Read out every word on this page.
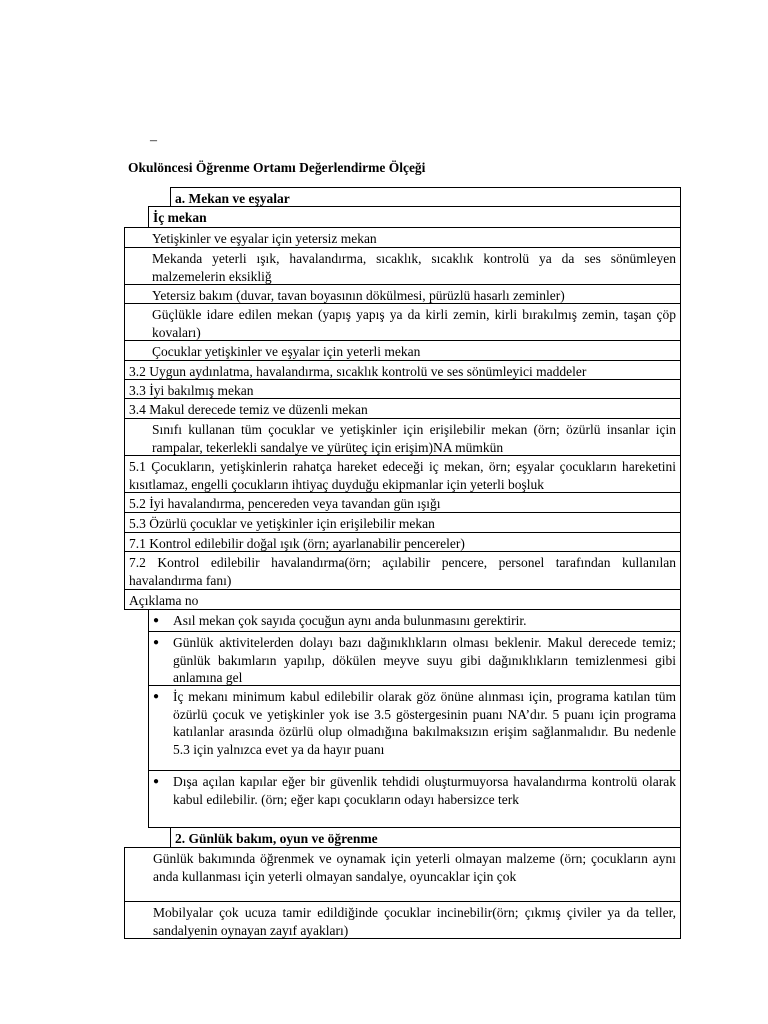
–
Okulöncesi Öğrenme Ortamı Değerlendirme Ölçeği
a. Mekan ve eşyalar
İç mekan
Yetişkinler ve eşyalar için yetersiz mekan
Mekanda yeterli ışık, havalandırma, sıcaklık, sıcaklık kontrolü ya da ses sönümleyen malzemelerin eksikliğ
Yetersiz bakım (duvar, tavan boyasının dökülmesi, pürüzlü hasarlı zeminler)
Güçlükle idare edilen mekan (yapış yapış ya da kirli zemin, kirli bırakılmış zemin, taşan çöp kovaları)
Çocuklar yetişkinler ve eşyalar için yeterli mekan
3.2 Uygun aydınlatma, havalandırma, sıcaklık kontrolü ve ses sönümleyici maddeler
3.3 İyi bakılmış mekan
3.4 Makul derecede temiz ve düzenli mekan
Sınıfı kullanan tüm çocuklar ve yetişkinler için erişilebilir mekan (örn; özürlü insanlar için rampalar, tekerlekli sandalye ve yürüteç için erişim)NA mümkün
5.1 Çocukların, yetişkinlerin rahatça hareket edeceği iç mekan, örn; eşyalar çocukların hareketini kısıtlamaz, engelli çocukların ihtiyaç duyduğu ekipmanlar için yeterli boşluk
5.2 İyi havalandırma, pencereden veya tavandan gün ışığı
5.3 Özürlü çocuklar ve yetişkinler için erişilebilir mekan
7.1 Kontrol edilebilir doğal ışık (örn; ayarlanabilir pencereler)
7.2 Kontrol edilebilir havalandırma(örn; açılabilir pencere, personel tarafından kullanılan havalandırma fanı)
Açıklama no
●	Asıl mekan çok sayıda çocuğun aynı anda bulunmasını gerektirir.
●	Günlük aktivitelerden dolayı bazı dağınıklıkların olması beklenir. Makul derecede temiz; günlük bakımların yapılıp, dökülen meyve suyu gibi dağınıklıkların temizlenmesi gibi anlamına gel
●	İç mekanı minimum kabul edilebilir olarak göz önüne alınması için, programa katılan tüm özürlü çocuk ve yetişkinler yok ise 3.5 göstergesinin puanı NA’dır. 5 puanı için programa katılanlar arasında özürlü olup olmadığına bakılmaksızın erişim sağlanmalıdır. Bu nedenle 5.3 için yalnızca evet ya da hayır puanı
●	Dışa açılan kapılar eğer bir güvenlik tehdidi oluşturmuyorsa havalandırma kontrolü olarak kabul edilebilir. (örn; eğer kapı çocukların odayı habersizce terk
2. Günlük bakım, oyun ve öğrenme
Günlük bakımında öğrenmek ve oynamak için yeterli olmayan malzeme (örn; çocukların aynı anda kullanması için yeterli olmayan sandalye, oyuncaklar için çok
Mobilyalar çok ucuza tamir edildiğinde çocuklar incinebilir(örn; çıkmış çiviler ya da teller, sandalyenin oynayan zayıf ayakları)
